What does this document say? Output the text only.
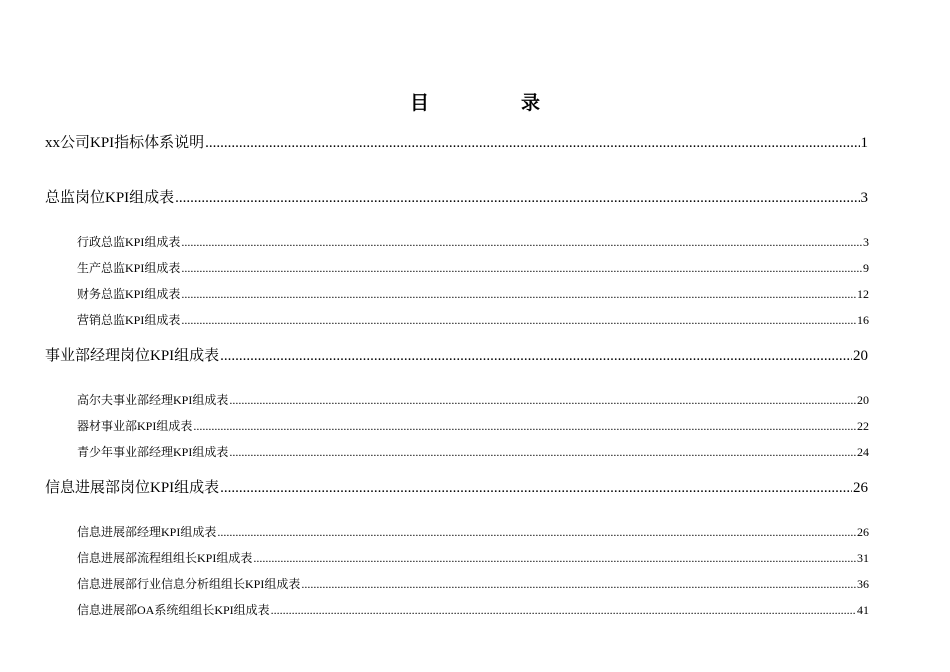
目	录
xx公司KPI指标体系说明 .....	1
总监岗位KPI组成表 .....	3
行政总监KPI组成表 .....	3
生产总监KPI组成表 .....	9
财务总监KPI组成表 .....	12
营销总监KPI组成表 .....	16
事业部经理岗位KPI组成表 .....	20
高尔夫事业部经理KPI组成表 .....	20
器材事业部KPI组成表 .....	22
青少年事业部经理KPI组成表 .....	24
信息进展部岗位KPI组成表 .....	26
信息进展部经理KPI组成表 .....	26
信息进展部流程组组长KPI组成表 .....	31
信息进展部行业信息分析组组长KPI组成表 .....	36
信息进展部OA系统组组长KPI组成表 .....	41
